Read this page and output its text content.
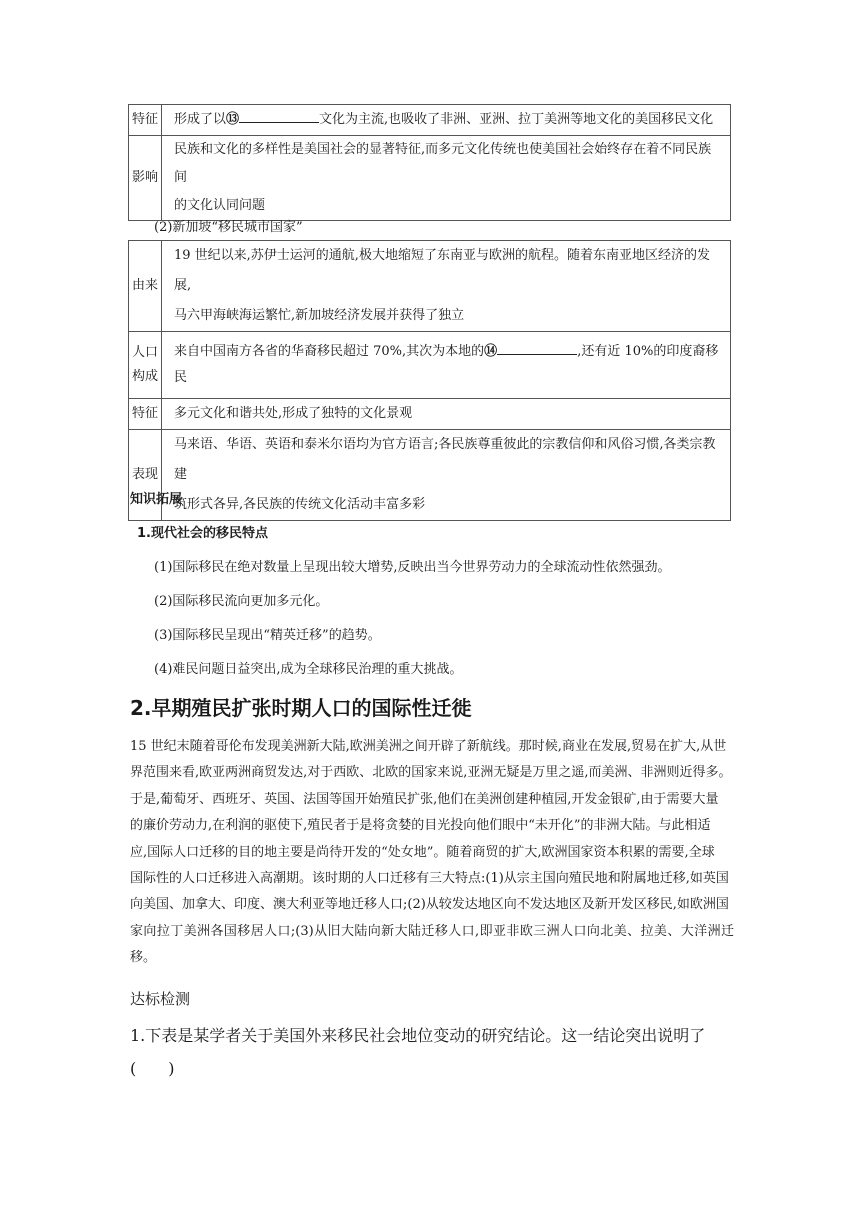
特征	形成了以⑬ 文化为主流,也吸收了非洲、亚洲、拉丁美洲等地文化的美国移民文化
影响	民族和文化的多样性是美国社会的显著特征,而多元文化传统也使美国社会始终存在着不同民族间
的文化认同问题
(2)新加坡“移民城市国家”
由来	19 世纪以来,苏伊士运河的通航,极大地缩短了东南亚与欧洲的航程。随着东南亚地区经济的发展,
马六甲海峡海运繁忙,新加坡经济发展并获得了独立

人口
构成	来自中国南方各省的华裔移民超过 70%,其次为本地的⑭ ,还有近 10%的印度裔移民
特征	多元文化和谐共处,形成了独特的文化景观
表现	马来语、华语、英语和泰米尔语均为官方语言;各民族尊重彼此的宗教信仰和风俗习惯,各类宗教建
筑形式各异,各民族的传统文化活动丰富多彩
知识拓展
1.现代社会的移民特点
(1)国际移民在绝对数量上呈现出较大增势,反映出当今世界劳动力的全球流动性依然强劲。
(2)国际移民流向更加多元化。
(3)国际移民呈现出“精英迁移”的趋势。
(4)难民问题日益突出,成为全球移民治理的重大挑战。
2.早期殖民扩张时期人口的国际性迁徙
15 世纪末随着哥伦布发现美洲新大陆,欧洲美洲之间开辟了新航线。那时候,商业在发展,贸易在扩大,从世
界范围来看,欧亚两洲商贸发达,对于西欧、北欧的国家来说,亚洲无疑是万里之遥,而美洲、非洲则近得多。
于是,葡萄牙、西班牙、英国、法国等国开始殖民扩张,他们在美洲创建种植园,开发金银矿,由于需要大量
的廉价劳动力,在利润的驱使下,殖民者于是将贪婪的目光投向他们眼中“未开化”的非洲大陆。与此相适
应,国际人口迁移的目的地主要是尚待开发的“处女地”。随着商贸的扩大,欧洲国家资本积累的需要,全球
国际性的人口迁移进入高潮期。该时期的人口迁移有三大特点:(1)从宗主国向殖民地和附属地迁移,如英国
向美国、加拿大、印度、澳大利亚等地迁移人口;(2)从较发达地区向不发达地区及新开发区移民,如欧洲国
家向拉丁美洲各国移居人口;(3)从旧大陆向新大陆迁移人口,即亚非欧三洲人口向北美、拉美、大洋洲迁移。
达标检测
1.下表是某学者关于美国外来移民社会地位变动的研究结论。这一结论突出说明了
(　　)
